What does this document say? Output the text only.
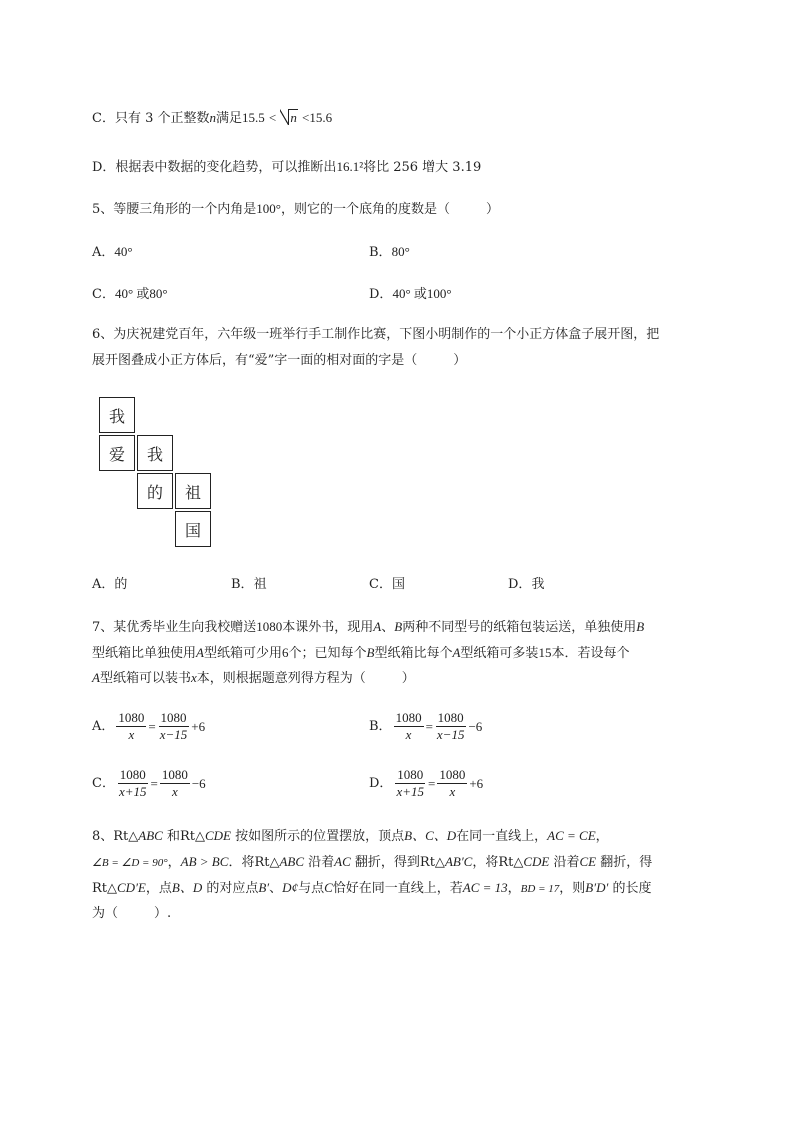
C．只有 3 个正整数n满足15.5 < n <15.6
D．根据表中数据的变化趋势，可以推断出16.1²将比 256 增大 3.19
5、等腰三角形的一个内角是100°，则它的一个底角的度数是（	）
A．40°	B．80°
C．40° 或80°	D．40° 或100°
6、为庆祝建党百年，六年级一班举行手工制作比赛，下图小明制作的一个小正方体盒子展开图，把
展开图叠成小正方体后，有“爱”字一面的相对面的字是（	）
我
爱	我
的	祖
国
A．的	B．祖	C．国	D．我
7、某优秀毕业生向我校赠送1080本课外书，现用A、B两种不同型号的纸箱包装运送，单独使用B
型纸箱比单独使用A型纸箱可少用6个；已知每个B型纸箱比每个A型纸箱可多装15本．若设每个
A型纸箱可以装书x本，则根据题意列得方程为（	）
A． $\frac{1080}{x} = \frac{1080}{x-15} +6$	B． $\frac{1080}{x} = \frac{1080}{x-15} -6$
C． $\frac{1080}{x+15} = \frac{1080}{x} -6$	D． $\frac{1080}{x+15} = \frac{1080}{x} +6$
8、Rt△ABC 和Rt△CDE 按如图所示的位置摆放，顶点B、C、D在同一直线上，AC = CE，
∠B = ∠D = 90°，AB > BC．将Rt△ABC 沿着AC 翻折，得到Rt△AB′C，将Rt△CDE 沿着CE 翻折，得
Rt△CD′E，点B、D 的对应点B′、D¢与点C恰好在同一直线上，若AC = 13，BD = 17，则B′D′ 的长度
为（	）.
